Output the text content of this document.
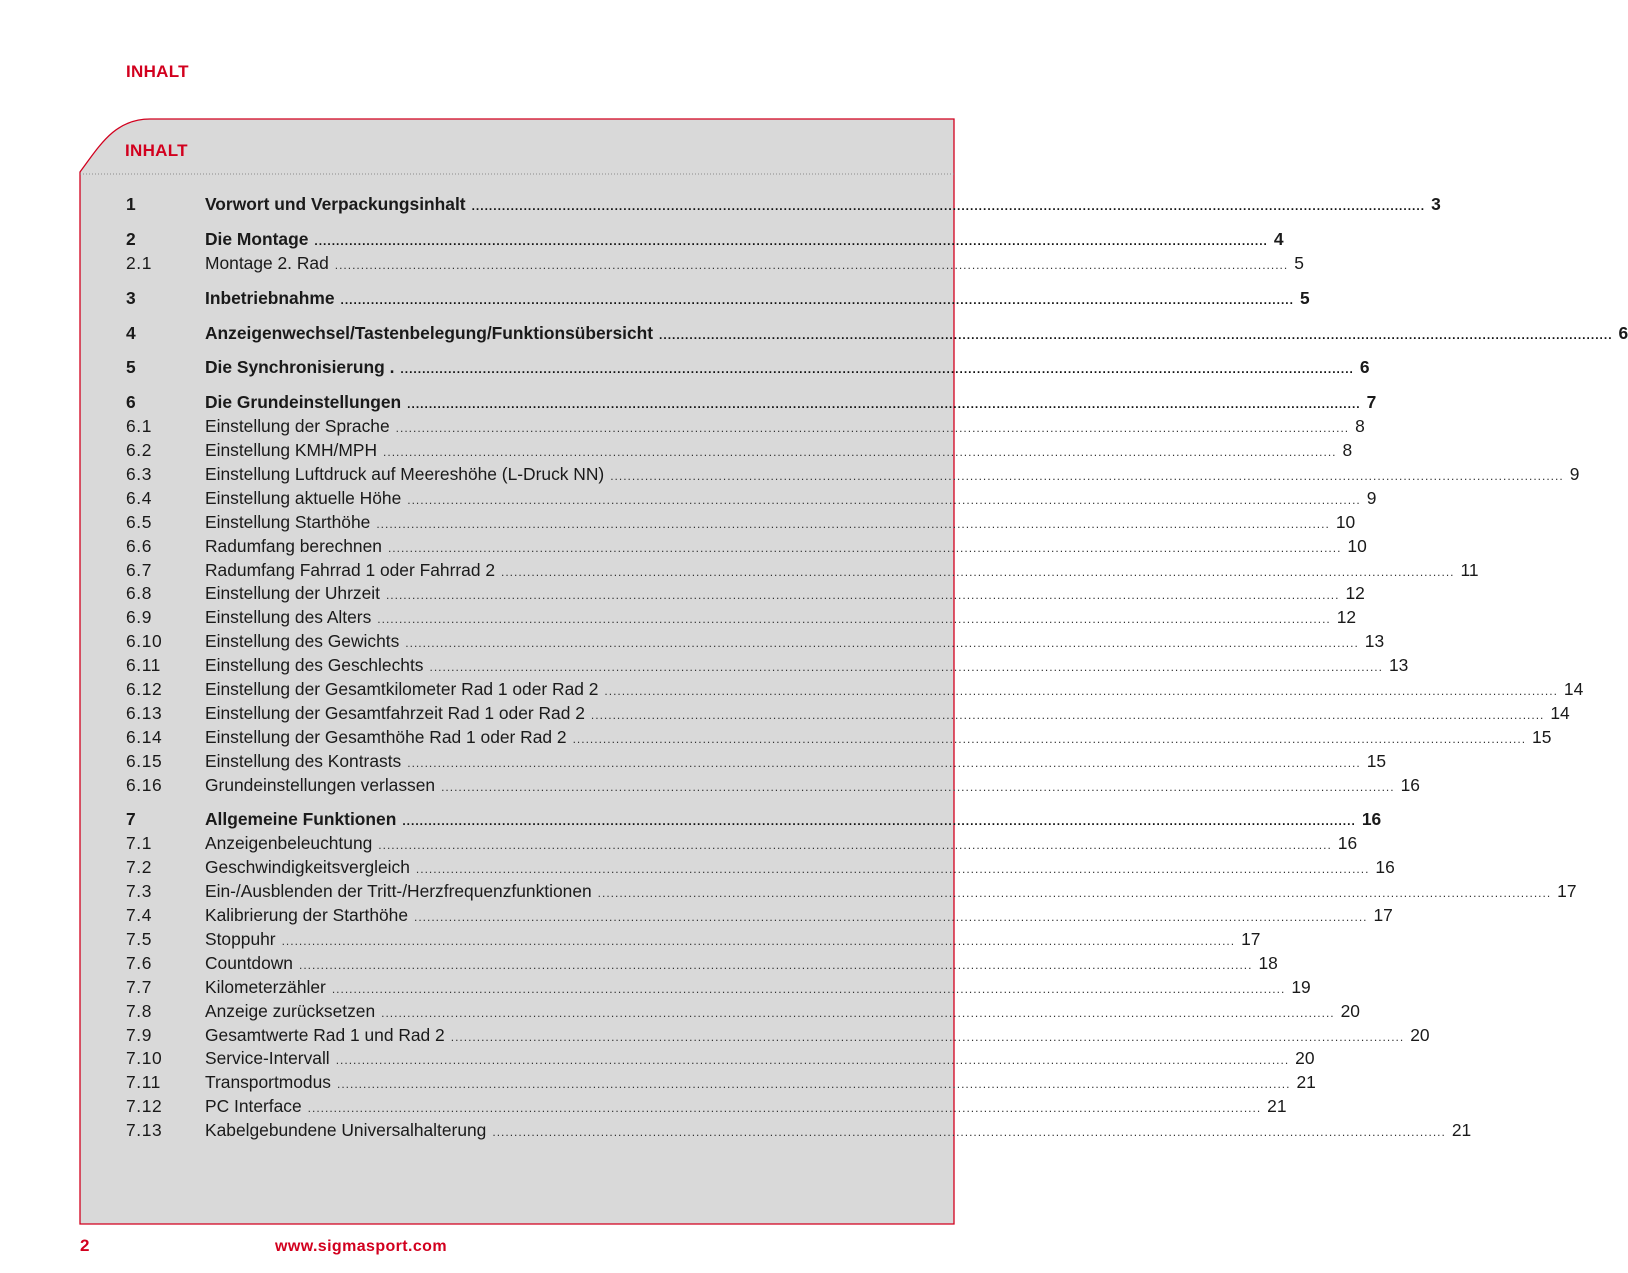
INHALT
INHALT
1	Vorwort und Verpackungsinhalt ............................................................................................................................................................................................................................ 3
2	Die Montage ............................................................................................................................................................................................................................ 4
2.1	Montage 2. Rad ............................................................................................................................................................................................................................ 5
3	Inbetriebnahme ............................................................................................................................................................................................................................ 5
4	Anzeigenwechsel/Tastenbelegung/Funktionsübersicht ............................................................................................................................................................................................................................ 6
5	Die Synchronisierung . ............................................................................................................................................................................................................................ 6
6	Die Grundeinstellungen ............................................................................................................................................................................................................................ 7
6.1	Einstellung der Sprache ............................................................................................................................................................................................................................ 8
6.2	Einstellung KMH/MPH ............................................................................................................................................................................................................................ 8
6.3	Einstellung Luftdruck auf Meereshöhe (L-Druck NN) ............................................................................................................................................................................................................................ 9
6.4	Einstellung aktuelle Höhe ............................................................................................................................................................................................................................ 9
6.5	Einstellung Starthöhe ............................................................................................................................................................................................................................ 10
6.6	Radumfang berechnen ............................................................................................................................................................................................................................ 10
6.7	Radumfang Fahrrad 1 oder Fahrrad 2 ............................................................................................................................................................................................................................ 11
6.8	Einstellung der Uhrzeit ............................................................................................................................................................................................................................ 12
6.9	Einstellung des Alters ............................................................................................................................................................................................................................ 12
6.10	Einstellung des Gewichts ............................................................................................................................................................................................................................ 13
6.11	Einstellung des Geschlechts ............................................................................................................................................................................................................................ 13
6.12	Einstellung der Gesamtkilometer Rad 1 oder Rad 2 ............................................................................................................................................................................................................................ 14
6.13	Einstellung der Gesamtfahrzeit Rad 1 oder Rad 2 ............................................................................................................................................................................................................................ 14
6.14	Einstellung der Gesamthöhe Rad 1 oder Rad 2 ............................................................................................................................................................................................................................ 15
6.15	Einstellung des Kontrasts ............................................................................................................................................................................................................................ 15
6.16	Grundeinstellungen verlassen ............................................................................................................................................................................................................................ 16
7	Allgemeine Funktionen ............................................................................................................................................................................................................................ 16
7.1	Anzeigenbeleuchtung ............................................................................................................................................................................................................................ 16
7.2	Geschwindigkeitsvergleich ............................................................................................................................................................................................................................ 16
7.3	Ein-/Ausblenden der Tritt-/Herzfrequenzfunktionen ............................................................................................................................................................................................................................ 17
7.4	Kalibrierung der Starthöhe ............................................................................................................................................................................................................................ 17
7.5	Stoppuhr ............................................................................................................................................................................................................................ 17
7.6	Countdown ............................................................................................................................................................................................................................ 18
7.7	Kilometerzähler ............................................................................................................................................................................................................................ 19
7.8	Anzeige zurücksetzen ............................................................................................................................................................................................................................ 20
7.9	Gesamtwerte Rad 1 und Rad 2 ............................................................................................................................................................................................................................ 20
7.10	Service-Intervall ............................................................................................................................................................................................................................ 20
7.11	Transportmodus ............................................................................................................................................................................................................................ 21
7.12	PC Interface ............................................................................................................................................................................................................................ 21
7.13	Kabelgebundene Universalhalterung ............................................................................................................................................................................................................................ 21
2	www.sigmasport.com
